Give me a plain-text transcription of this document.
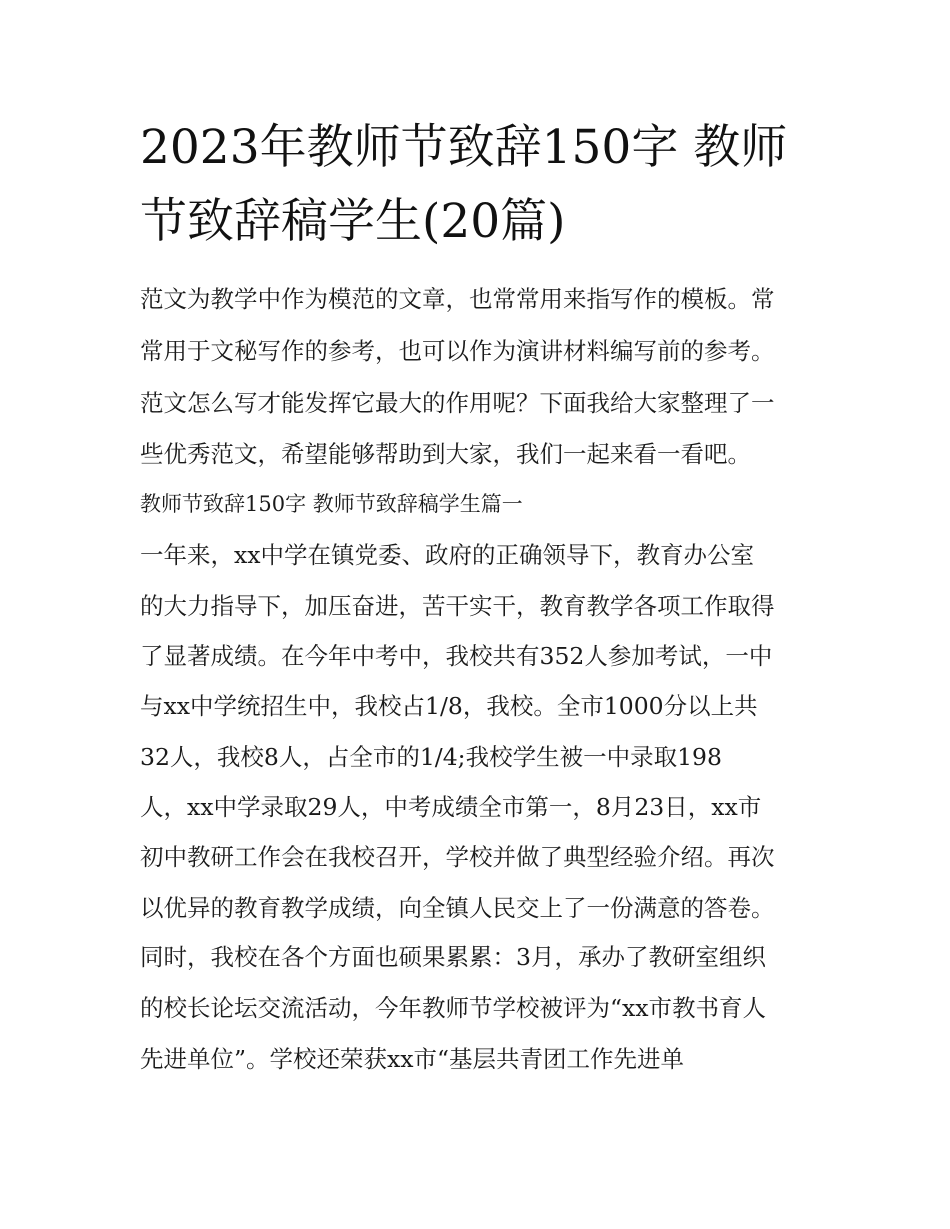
2023年教师节致辞150字 教师
节致辞稿学生(20篇)
范文为教学中作为模范的文章，也常常用来指写作的模板。常
常用于文秘写作的参考，也可以作为演讲材料编写前的参考。
范文怎么写才能发挥它最大的作用呢？下面我给大家整理了一
些优秀范文，希望能够帮助到大家，我们一起来看一看吧。
教师节致辞150字 教师节致辞稿学生篇一
一年来，xx中学在镇党委、政府的正确领导下，教育办公室
的大力指导下，加压奋进，苦干实干，教育教学各项工作取得
了显著成绩。在今年中考中，我校共有352人参加考试，一中
与xx中学统招生中，我校占1/8，我校。全市1000分以上共
32人，我校8人，占全市的1/4;我校学生被一中录取198
人，xx中学录取29人，中考成绩全市第一，8月23日，xx市
初中教研工作会在我校召开，学校并做了典型经验介绍。再次
以优异的教育教学成绩，向全镇人民交上了一份满意的答卷。
同时，我校在各个方面也硕果累累：3月，承办了教研室组织
的校长论坛交流活动，今年教师节学校被评为“xx市教书育人
先进单位”。学校还荣获xx市“基层共青团工作先进单
